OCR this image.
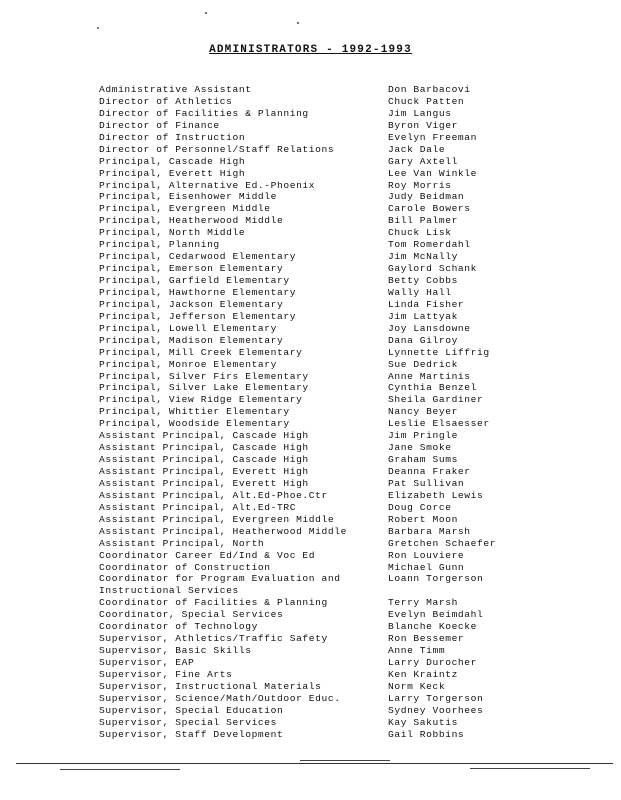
ADMINISTRATORS - 1992-1993
Administrative Assistant	Don Barbacovi
Director of Athletics	Chuck Patten
Director of Facilities & Planning	Jim Langus
Director of Finance	Byron Viger
Director of Instruction	Evelyn Freeman
Director of Personnel/Staff Relations	Jack Dale
Principal, Cascade High	Gary Axtell
Principal, Everett High	Lee Van Winkle
Principal, Alternative Ed.-Phoenix	Roy Morris
Principal, Eisenhower Middle	Judy Beidman
Principal, Evergreen Middle	Carole Bowers
Principal, Heatherwood Middle	Bill Palmer
Principal, North Middle	Chuck Lisk
Principal, Planning	Tom Romerdahl
Principal, Cedarwood Elementary	Jim McNally
Principal, Emerson Elementary	Gaylord Schank
Principal, Garfield Elementary	Betty Cobbs
Principal, Hawthorne Elementary	Wally Hall
Principal, Jackson Elementary	Linda Fisher
Principal, Jefferson Elementary	Jim Lattyak
Principal, Lowell Elementary	Joy Lansdowne
Principal, Madison Elementary	Dana Gilroy
Principal, Mill Creek Elementary	Lynnette Liffrig
Principal, Monroe Elementary	Sue Dedrick
Principal, Silver Firs Elementary	Anne Martinis
Principal, Silver Lake Elementary	Cynthia Benzel
Principal, View Ridge Elementary	Sheila Gardiner
Principal, Whittier Elementary	Nancy Beyer
Principal, Woodside Elementary	Leslie Elsaesser
Assistant Principal, Cascade High	Jim Pringle
Assistant Principal, Cascade High	Jane Smoke
Assistant Principal, Cascade High	Graham Sums
Assistant Principal, Everett High	Deanna Fraker
Assistant Principal, Everett High	Pat Sullivan
Assistant Principal, Alt.Ed-Phoe.Ctr	Elizabeth Lewis
Assistant Principal, Alt.Ed-TRC	Doug Corce
Assistant Principal, Evergreen Middle	Robert Moon
Assistant Principal, Heatherwood Middle	Barbara Marsh
Assistant Principal, North	Gretchen Schaefer
Coordinator Career Ed/Ind & Voc Ed	Ron Louviere
Coordinator of Construction	Michael Gunn
Coordinator for Program Evaluation and	Loann Torgerson
Instructional Services
Coordinator of Facilities & Planning	Terry Marsh
Coordinator, Special Services	Evelyn Beimdahl
Coordinator of Technology	Blanche Koecke
Supervisor, Athletics/Traffic Safety	Ron Bessemer
Supervisor, Basic Skills	Anne Timm
Supervisor, EAP	Larry Durocher
Supervisor, Fine Arts	Ken Kraintz
Supervisor, Instructional Materials	Norm Keck
Supervisor, Science/Math/Outdoor Educ.	Larry Torgerson
Supervisor, Special Education	Sydney Voorhees
Supervisor, Special Services	Kay Sakutis
Supervisor, Staff Development	Gail Robbins
